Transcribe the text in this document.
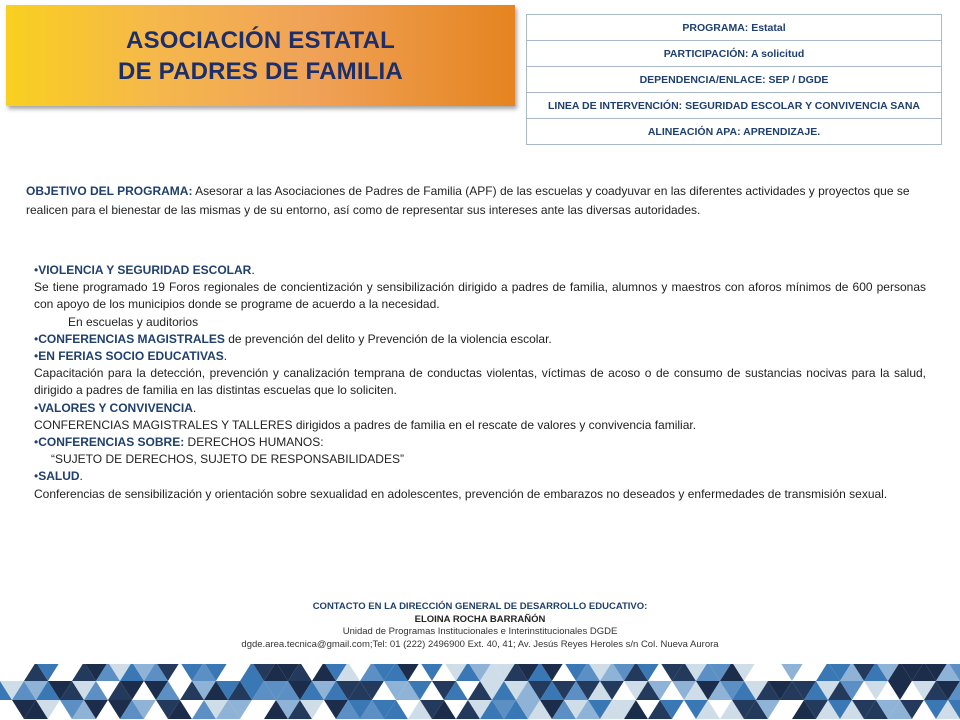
ASOCIACIÓN ESTATAL
DE PADRES DE FAMILIA
PROGRAMA: Estatal
PARTICIPACIÓN: A solicitud
DEPENDENCIA/ENLACE: SEP / DGDE
LINEA DE INTERVENCIÓN: SEGURIDAD ESCOLAR Y CONVIVENCIA SANA
ALINEACIÓN APA: APRENDIZAJE.
OBJETIVO DEL PROGRAMA: Asesorar a las Asociaciones de Padres de Familia (APF) de las escuelas y coadyuvar en las diferentes actividades y proyectos que se realicen para el bienestar de las mismas y de su entorno, así como de representar sus intereses ante las diversas autoridades.

•VIOLENCIA Y SEGURIDAD ESCOLAR.

Se tiene programado 19 Foros regionales de concientización y sensibilización dirigido a padres de familia, alumnos y maestros con aforos mínimos de 600 personas con apoyo de los municipios donde se programe de acuerdo a la necesidad.

En escuelas y auditorios

•CONFERENCIAS MAGISTRALES de prevención del delito y Prevención de la violencia escolar.

•EN FERIAS SOCIO EDUCATIVAS.

Capacitación para la detección, prevención y canalización temprana de conductas violentas, víctimas de acoso o de consumo de sustancias nocivas para la salud, dirigido a padres de familia en las distintas escuelas que lo soliciten.

•VALORES Y CONVIVENCIA.

CONFERENCIAS MAGISTRALES Y TALLERES dirigidos a padres de familia en el rescate de valores y convivencia familiar.

•CONFERENCIAS SOBRE: DERECHOS HUMANOS:

“SUJETO DE DERECHOS, SUJETO DE RESPONSABILIDADES”

•SALUD.

Conferencias de sensibilización y orientación sobre sexualidad en adolescentes, prevención de embarazos no deseados y enfermedades de transmisión sexual.

CONTACTO EN LA DIRECCIÓN GENERAL DE DESARROLLO EDUCATIVO:
ELOINA ROCHA BARRAÑÓN
Unidad de Programas Institucionales e Interinstitucionales DGDE
dgde.area.tecnica@gmail.com;Tel: 01 (222) 2496900 Ext. 40, 41; Av. Jesús Reyes Heroles s/n Col. Nueva Aurora
